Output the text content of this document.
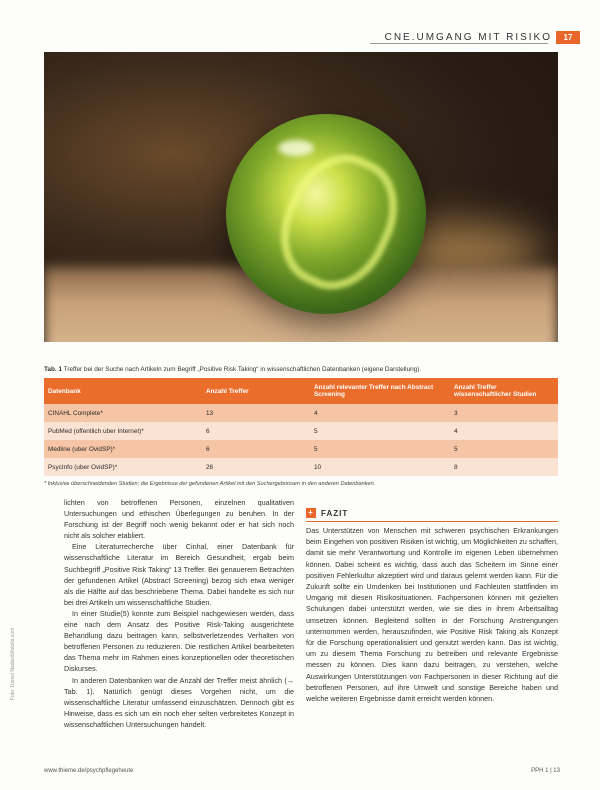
CNE.UMGANG MIT RISIKO	17
Tab. 1 Treffer bei der Suche nach Artikeln zum Begriff „Positive Risk Taking“ in wissenschaftlichen Datenbanken (eigene Darstellung).
Datenbank	Anzahl Treffer	Anzahl relevanter Treffer nach Abstract Screening	Anzahl Treffer wissenschaftlicher Studien
CINAHL Complete*	13	4	3
PubMed (offentlich uber Internet)*	6	5	4
Medline (uber OvidSP)*	6	5	5
PsycInfo (uber OvidSP)*	26	10	8
* Inklusive überschneidenden Studien; die Ergebnisse der gefundenen Artikel mit den Suchergebnissen in den anderen Datenbanken.

lichten von betroffenen Personen, einzelnen qualitativen Untersuchungen und ethischen Überlegungen zu beruhen. In der Forschung ist der Begriff noch wenig bekannt oder er hat sich noch nicht als solcher etabliert.

Eine Literaturrecherche über Cinhal, einer Datenbank für wissenschaftliche Literatur im Bereich Gesundheit, ergab beim Suchbegriff „Positive Risk Taking“ 13 Treffer. Bei genauerem Betrachten der gefundenen Artikel (Abstract Screening) bezog sich etwa weniger als die Hälfte auf das beschriebene Thema. Dabei handelte es sich nur bei drei Artikeln um wissenschaftliche Studien.

In einer Studie(5) konnte zum Beispiel nachgewiesen werden, dass eine nach dem Ansatz des Positive Risk-Taking ausgerichtete Behandlung dazu beitragen kann, selbstverletzendes Verhalten von betroffenen Personen zu reduzieren. Die restlichen Artikel bearbeiteten das Thema mehr im Rahmen eines konzeptionellen oder theoretischen Diskurses.

In anderen Datenbanken war die Anzahl der Treffer meist ähnlich (→ Tab. 1). Natürlich genügt dieses Vorgehen nicht, um die wissenschaftliche Literatur umfassend einzuschätzen. Dennoch gibt es Hinweise, dass es sich um ein noch eher selten verbreitetes Konzept in wissenschaftlichen Untersuchungen handelt.

+ FAZIT
Das Unterstützen von Menschen mit schweren psychischen Erkrankungen beim Eingehen von positiven Risiken ist wichtig, um Möglichkeiten zu schaffen, damit sie mehr Verantwortung und Kontrolle im eigenen Leben übernehmen können. Dabei scheint es wichtig, dass auch das Scheitern im Sinne einer positiven Fehlerkultur akzeptiert wird und daraus gelernt werden kann. Für die Zukunft sollte ein Umdenken bei Institutionen und Fachleuten stattfinden im Umgang mit diesen Risikosituationen. Fachpersonen können mit gezielten Schulungen dabei unterstützt werden, wie sie dies in ihrem Arbeitsalltag umsetzen können. Begleitend sollten in der Forschung Anstrengungen unternommen werden, herauszufinden, wie Positive Risk Taking als Konzept für die Forschung operationalisiert und genutzt werden kann. Das ist wichtig, um zu diesem Thema Forschung zu betreiben und relevante Ergebnisse messen zu können. Dies kann dazu beitragen, zu verstehen, welche Auswirkungen Unterstützungen von Fachpersonen in dieser Richtung auf die betroffenen Personen, auf ihre Umwelt und sonstige Bereiche haben und welche weiteren Ergebnisse damit erreicht werden können.
Foto: Daniel Nadasdi/fotolia.com
www.thieme.de/psychpflegeheute	PPH 1 | 13
